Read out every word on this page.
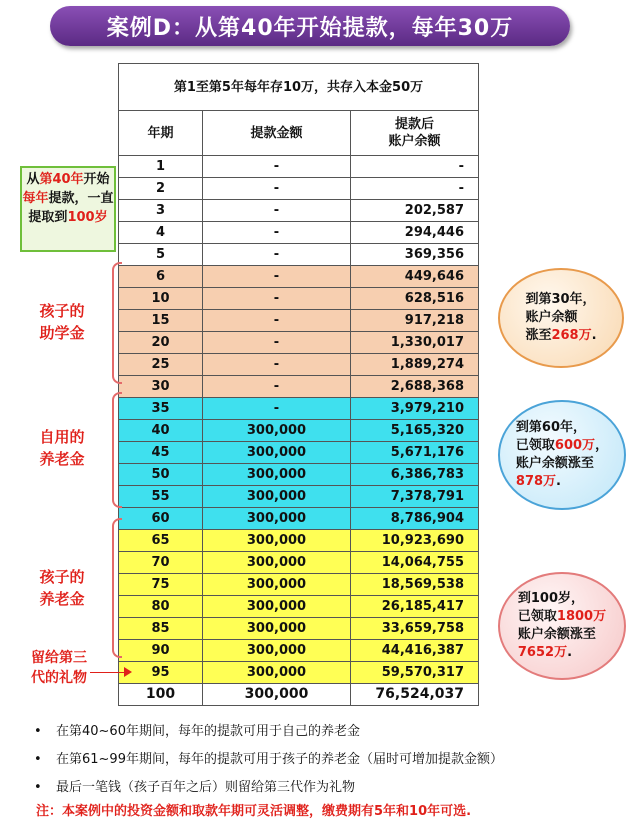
案例D：从第40年开始提款，每年30万
第1至第5年每年存10万，共存入本金50万		
年期	提款金额	提款后
账户余额
1	-	-
2	-	-
3	-	202,587
4	-	294,446
5	-	369,356
6	-	449,646
10	-	628,516
15	-	917,218
20	-	1,330,017
25	-	1,889,274
30	-	2,688,368
35	-	3,979,210
40	300,000	5,165,320
45	300,000	5,671,176
50	300,000	6,386,783
55	300,000	7,378,791
60	300,000	8,786,904
65	300,000	10,923,690
70	300,000	14,064,755
75	300,000	18,569,538
80	300,000	26,185,417
85	300,000	33,659,758
90	300,000	44,416,387
95	300,000	59,570,317
100	300,000	76,524,037
从第40年开始每年提款，一直提取到100岁
孩子的
助学金
自用的
养老金
孩子的
养老金
留给第三
代的礼物
到第30年，
账户余额
涨至268万.
到第60年，
已领取600万，
账户余额涨至
878万.
到100岁，
已领取1800万
账户余额涨至
7652万.
• 在第40~60年期间，每年的提款可用于自己的养老金
• 在第61~99年期间，每年的提款可用于孩子的养老金（届时可增加提款金额）
• 最后一笔钱（孩子百年之后）则留给第三代作为礼物
注：本案例中的投资金额和取款年期可灵活调整，缴费期有5年和10年可选.
